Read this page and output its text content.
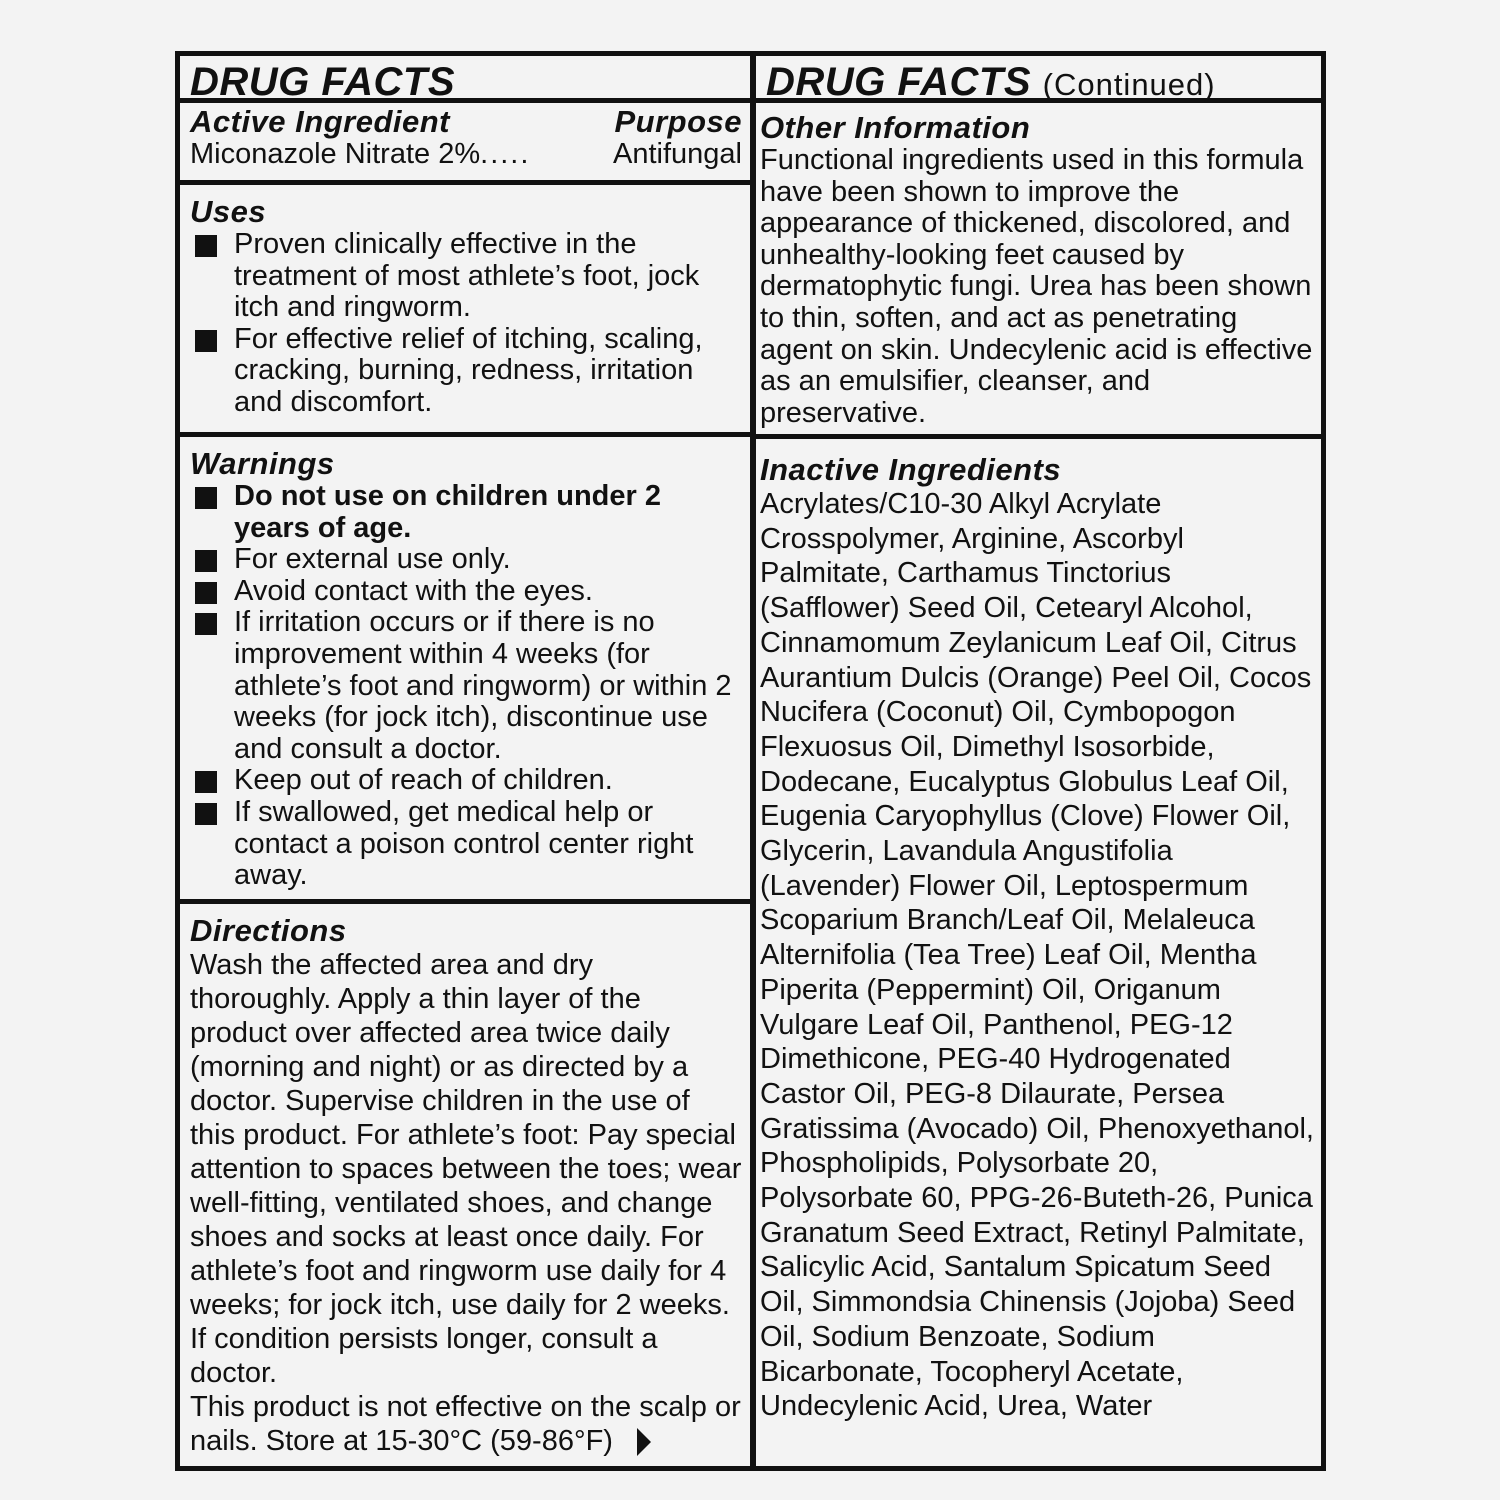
DRUG FACTS
Active Ingredient	Purpose
Miconazole Nitrate 2% .....	Antifungal
Uses
Proven clinically effective in the treatment of most athlete’s foot, jock itch and ringworm.
For effective relief of itching, scaling, cracking, burning, redness, irritation and discomfort.
Warnings
Do not use on children under 2 years of age.
For external use only.
Avoid contact with the eyes.
If irritation occurs or if there is no improvement within 4 weeks (for athlete’s foot and ringworm) or within 2 weeks (for jock itch), discontinue use and consult a doctor.
Keep out of reach of children.
If swallowed, get medical help or contact a poison control center right away.
Directions
Wash the affected area and dry thoroughly. Apply a thin layer of the product over affected area twice daily (morning and night) or as directed by a doctor. Supervise children in the use of this product. For athlete’s foot: Pay special attention to spaces between the toes; wear well-fitting, ventilated shoes, and change shoes and socks at least once daily. For athlete’s foot and ringworm use daily for 4 weeks; for jock itch, use daily for 2 weeks. If condition persists longer, consult a doctor.
This product is not effective on the scalp or nails. Store at 15-30°C (59-86°F)
DRUG FACTS (Continued)
Other Information
Functional ingredients used in this formula have been shown to improve the appearance of thickened, discolored, and unhealthy-looking feet caused by dermatophytic fungi. Urea has been shown to thin, soften, and act as penetrating agent on skin. Undecylenic acid is effective as an emulsifier, cleanser, and preservative.
Inactive Ingredients
Acrylates/C10-30 Alkyl Acrylate Crosspolymer, Arginine, Ascorbyl Palmitate, Carthamus Tinctorius (Safflower) Seed Oil, Cetearyl Alcohol, Cinnamomum Zeylanicum Leaf Oil, Citrus Aurantium Dulcis (Orange) Peel Oil, Cocos Nucifera (Coconut) Oil, Cymbopogon Flexuosus Oil, Dimethyl Isosorbide, Dodecane, Eucalyptus Globulus Leaf Oil, Eugenia Caryophyllus (Clove) Flower Oil, Glycerin, Lavandula Angustifolia (Lavender) Flower Oil, Leptospermum Scoparium Branch/Leaf Oil, Melaleuca Alternifolia (Tea Tree) Leaf Oil, Mentha Piperita (Peppermint) Oil, Origanum Vulgare Leaf Oil, Panthenol, PEG-12 Dimethicone, PEG-40 Hydrogenated Castor Oil, PEG-8 Dilaurate, Persea Gratissima (Avocado) Oil, Phenoxyethanol, Phospholipids, Polysorbate 20, Polysorbate 60, PPG-26-Buteth-26, Punica Granatum Seed Extract, Retinyl Palmitate, Salicylic Acid, Santalum Spicatum Seed Oil, Simmondsia Chinensis (Jojoba) Seed Oil, Sodium Benzoate, Sodium Bicarbonate, Tocopheryl Acetate, Undecylenic Acid, Urea, Water
